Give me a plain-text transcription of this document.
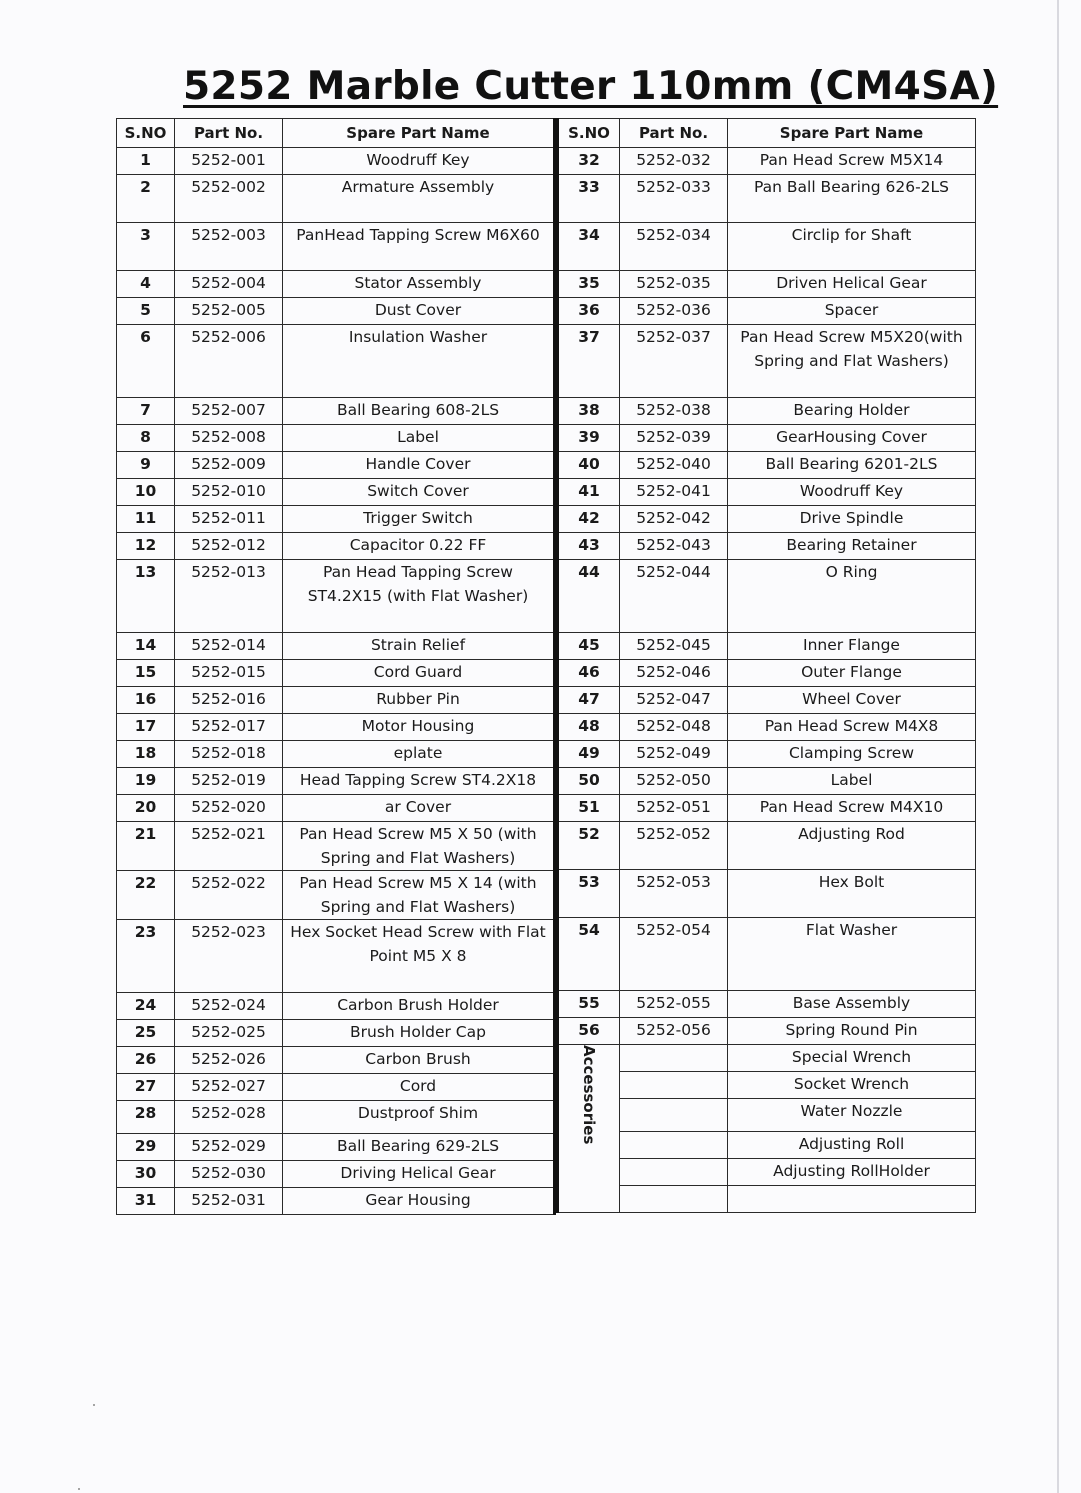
5252 Marble Cutter 110mm (CM4SA)
S.NO	Part No.	Spare Part Name
1	5252-001	Woodruff Key
2	5252-002	Armature Assembly
3	5252-003	PanHead Tapping Screw M6X60
4	5252-004	Stator Assembly
5	5252-005	Dust Cover
6	5252-006	Insulation Washer
7	5252-007	Ball Bearing 608-2LS
8	5252-008	Label
9	5252-009	Handle Cover
10	5252-010	Switch Cover
11	5252-011	Trigger Switch
12	5252-012	Capacitor 0.22 FF
13	5252-013	Pan Head Tapping Screw ST4.2X15 (with Flat Washer)
14	5252-014	Strain Relief
15	5252-015	Cord Guard
16	5252-016	Rubber Pin
17	5252-017	Motor Housing
18	5252-018	eplate
19	5252-019	Head Tapping Screw ST4.2X18
20	5252-020	ar Cover
21	5252-021	Pan Head Screw M5 X 50 (with Spring and Flat Washers)
22	5252-022	Pan Head Screw M5 X 14 (with Spring and Flat Washers)
23	5252-023	Hex Socket Head Screw with Flat Point M5 X 8
24	5252-024	Carbon Brush Holder
25	5252-025	Brush Holder Cap
26	5252-026	Carbon Brush
27	5252-027	Cord
28	5252-028	Dustproof Shim
29	5252-029	Ball Bearing 629-2LS
30	5252-030	Driving Helical Gear
31	5252-031	Gear Housing
S.NO	Part No.	Spare Part Name
32	5252-032	Pan Head Screw M5X14
33	5252-033	Pan Ball Bearing 626-2LS
34	5252-034	Circlip for Shaft
35	5252-035	Driven Helical Gear
36	5252-036	Spacer
37	5252-037	Pan Head Screw M5X20(with Spring and Flat Washers)
38	5252-038	Bearing Holder
39	5252-039	GearHousing Cover
40	5252-040	Ball Bearing 6201-2LS
41	5252-041	Woodruff Key
42	5252-042	Drive Spindle
43	5252-043	Bearing Retainer
44	5252-044	O Ring
45	5252-045	Inner Flange
46	5252-046	Outer Flange
47	5252-047	Wheel Cover
48	5252-048	Pan Head Screw M4X8
49	5252-049	Clamping Screw
50	5252-050	Label
51	5252-051	Pan Head Screw M4X10
52	5252-052	Adjusting Rod
53	5252-053	Hex Bolt
54	5252-054	Flat Washer
55	5252-055	Base Assembly
56	5252-056	Spring Round Pin
Accessories		Special Wrench
		Socket Wrench
		Water Nozzle
		Adjusting Roll
		Adjusting RollHolder
